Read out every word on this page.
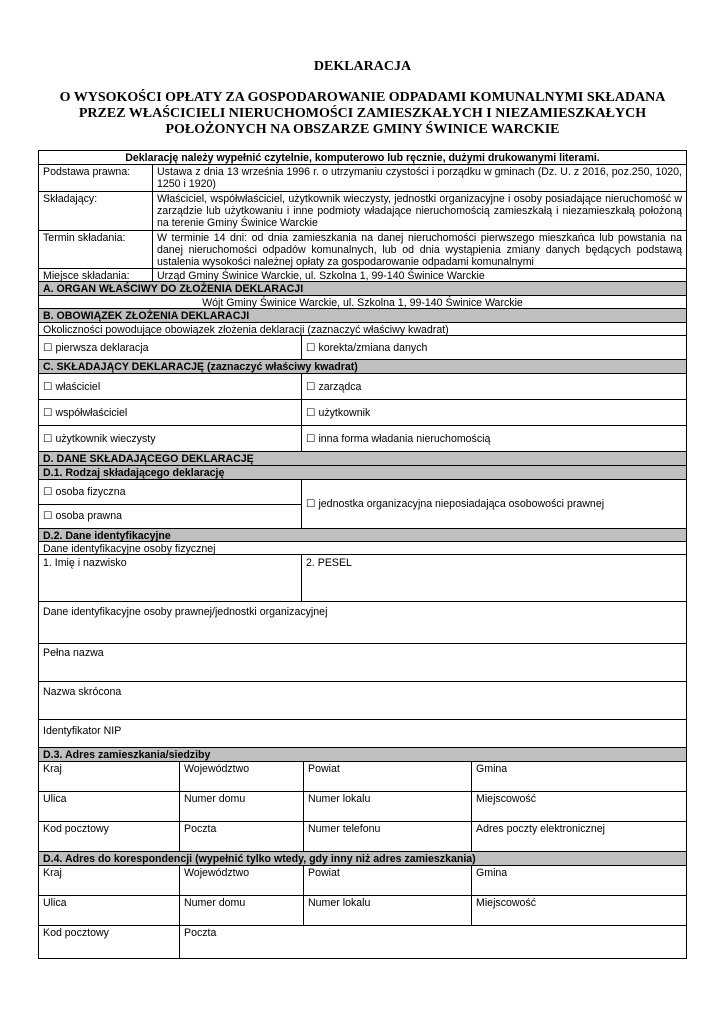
DEKLARACJA
O WYSOKOŚCI OPŁATY ZA GOSPODAROWANIE ODPADAMI KOMUNALNYMI SKŁADANA PRZEZ WŁAŚCICIELI NIERUCHOMOŚCI ZAMIESZKAŁYCH I NIEZAMIESZKAŁYCH POŁOŻONYCH NA OBSZARZE GMINY ŚWINICE WARCKIE
Deklarację należy wypełnić czytelnie, komputerowo lub ręcznie, dużymi drukowanymi literami.
Podstawa prawna:	Ustawa z dnia 13 września 1996 r. o utrzymaniu czystości i porządku w gminach (Dz. U. z 2016, poz.250, 1020, 1250 i 1920)
Składający:	Właściciel, współwłaściciel, użytkownik wieczysty, jednostki organizacyjne i osoby posiadające nieruchomość w zarządzie lub użytkowaniu i inne podmioty władające nieruchomością zamieszkałą i niezamieszkałą położoną na terenie Gminy Świnice Warckie
Termin składania:	W terminie 14 dni: od dnia zamieszkania na danej nieruchomości pierwszego mieszkańca lub powstania na danej nieruchomości odpadów komunalnych, lub od dnia wystąpienia zmiany danych będących podstawą ustalenia wysokości należnej opłaty za gospodarowanie odpadami komunalnymi
Miejsce składania:	Urząd Gminy Świnice Warckie, ul. Szkolna 1, 99-140 Świnice Warckie
A. ORGAN WŁAŚCIWY DO ZŁOŻENIA DEKLARACJI
Wójt Gminy Świnice Warckie, ul. Szkolna 1, 99-140 Świnice Warckie
B. OBOWIĄZEK ZŁOŻENIA DEKLARACJI
Okoliczności powodujące obowiązek złożenia deklaracji (zaznaczyć właściwy kwadrat)
☐ pierwsza deklaracja	☐ korekta/zmiana danych
C. SKŁADAJĄCY DEKLARACJĘ (zaznaczyć właściwy kwadrat)
☐ właściciel	☐ zarządca
☐ współwłaściciel	☐ użytkownik
☐ użytkownik wieczysty	☐ inna forma władania nieruchomością
D. DANE SKŁADAJĄCEGO DEKLARACJĘ
D.1. Rodzaj składającego deklarację
☐ osoba fizyczna
☐ osoba prawna
☐ jednostka organizacyjna nieposiadająca osobowości prawnej
D.2. Dane identyfikacyjne
Dane identyfikacyjne osoby fizycznej
1. Imię i nazwisko	2. PESEL
Dane identyfikacyjne osoby prawnej/jednostki organizacyjnej
Pełna nazwa
Nazwa skrócona
Identyfikator NIP
D.3. Adres zamieszkania/siedziby
Kraj	Województwo	Powiat	Gmina
Ulica	Numer domu	Numer lokalu	Miejscowość
Kod pocztowy	Poczta	Numer telefonu	Adres poczty elektronicznej
D.4. Adres do korespondencji (wypełnić tylko wtedy, gdy inny niż adres zamieszkania)
Kraj	Województwo	Powiat	Gmina
Ulica	Numer domu	Numer lokalu	Miejscowość
Kod pocztowy	Poczta
